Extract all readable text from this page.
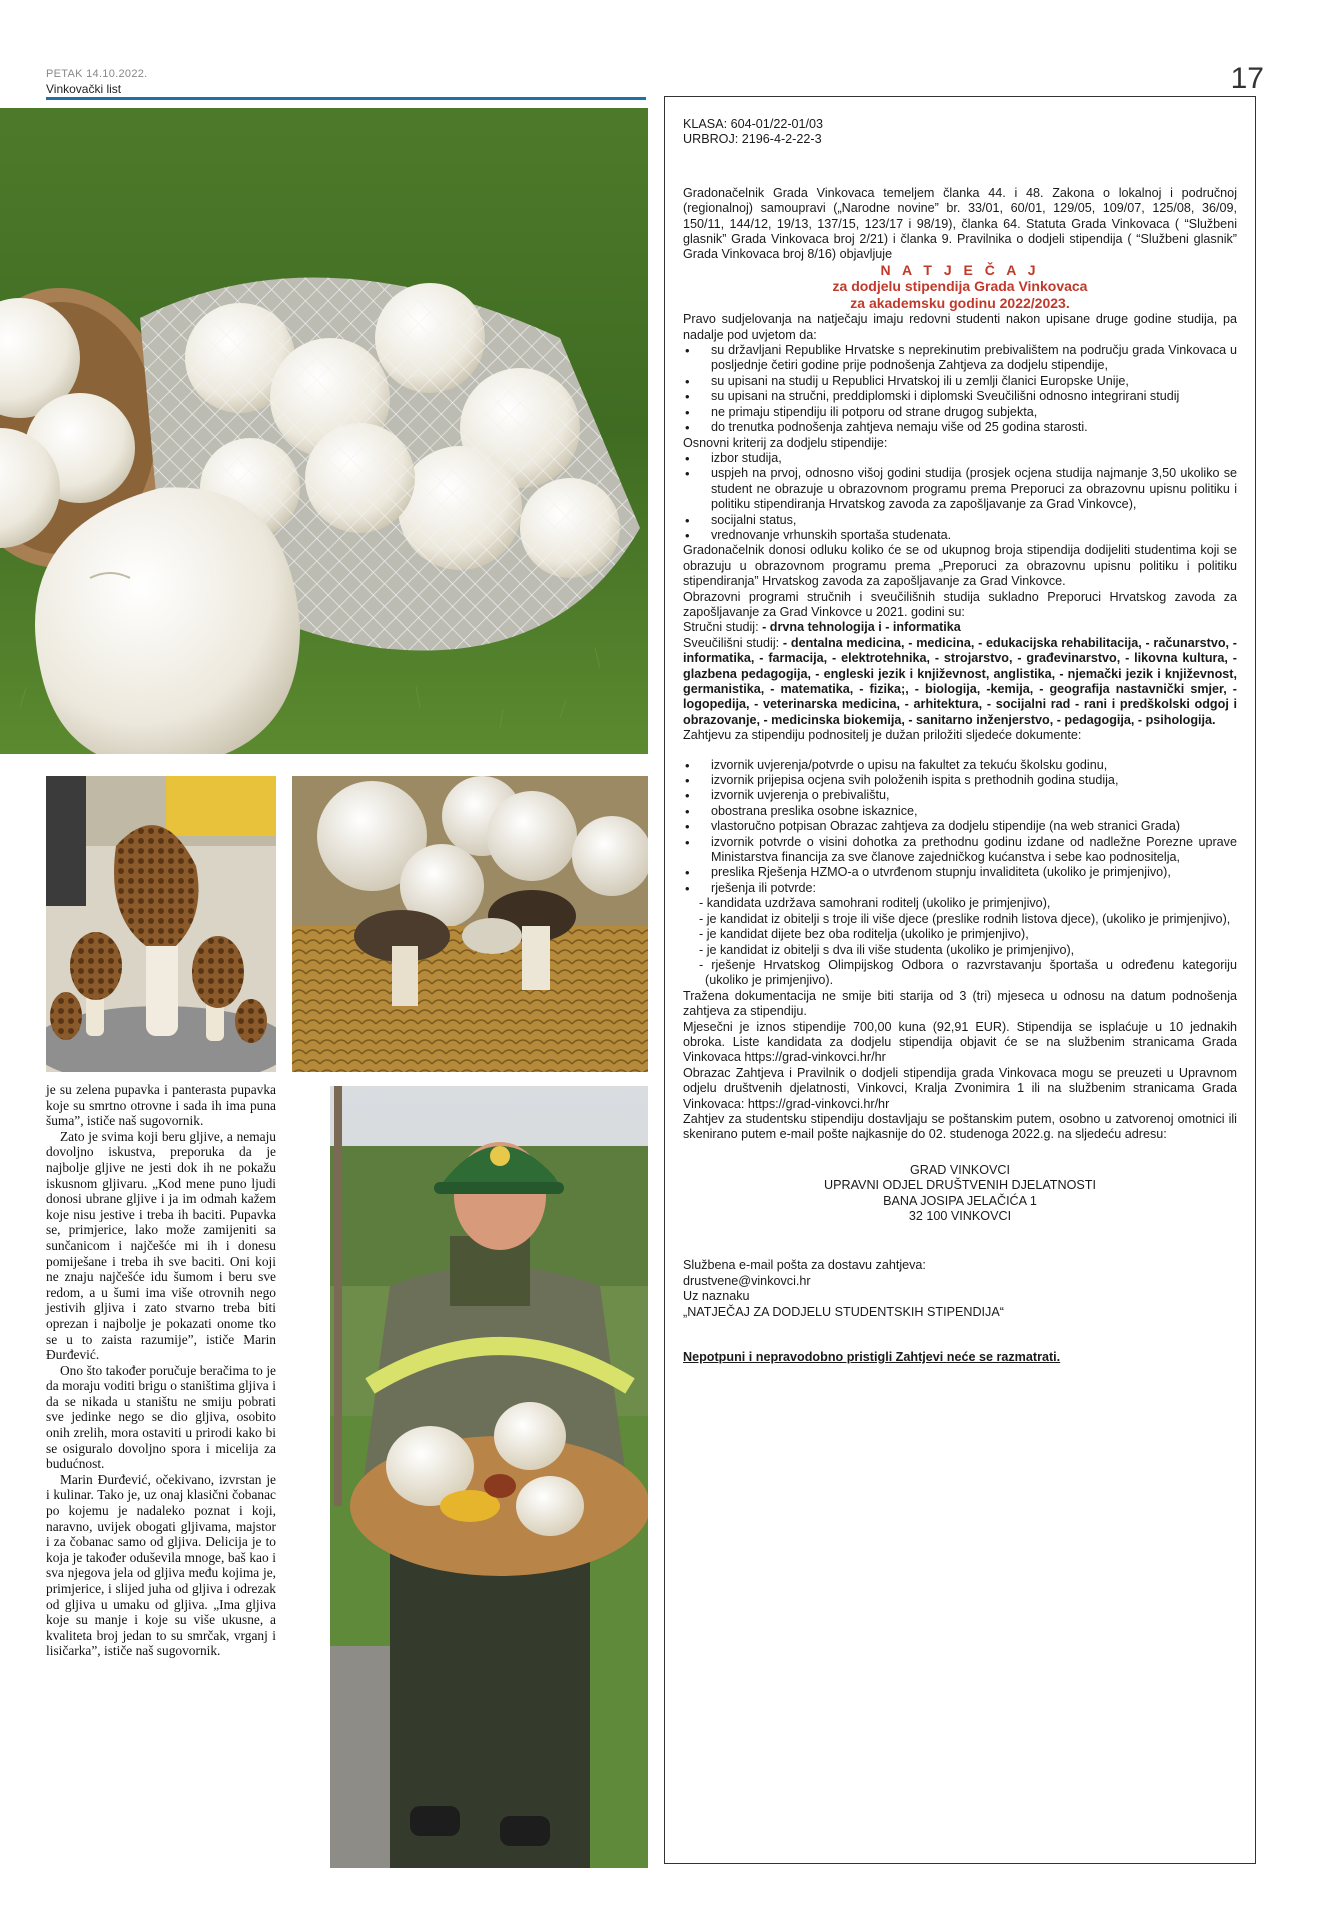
PETAK 14.10.2022.
Vinkovački list	17

je su zelena pupavka i panterasta pupavka koje su smrtno otrovne i sada ih ima puna šuma”, ističe naš sugovornik.

Zato je svima koji beru gljive, a nemaju dovoljno iskustva, preporuka da je najbolje gljive ne jesti dok ih ne pokažu iskusnom gljivaru. „Kod mene puno ljudi donosi ubrane gljive i ja im odmah kažem koje nisu jestive i treba ih baciti. Pupavka se, primjerice, lako može zamijeniti sa sunčanicom i najčešće mi ih i donesu pomiješane i treba ih sve baciti. Oni koji ne znaju najčešće idu šumom i beru sve redom, a u šumi ima više otrovnih nego jestivih gljiva i zato stvarno treba biti oprezan i najbolje je pokazati onome tko se u to zaista razumije”, ističe Marin Đurđević.

Ono što također poručuje beračima to je da moraju voditi brigu o staništima gljiva i da se nikada u staništu ne smiju pobrati sve jedinke nego se dio gljiva, osobito onih zrelih, mora ostaviti u prirodi kako bi se osiguralo dovoljno spora i micelija za budućnost.

Marin Đurđević, očekivano, izvrstan je i kulinar. Tako je, uz onaj klasični čobanac po kojemu je nadaleko poznat i koji, naravno, uvijek obogati gljivama, majstor i za čobanac samo od gljiva. Delicija je to koja je također oduševila mnoge, baš kao i sva njegova jela od gljiva među kojima je, primjerice, i slijed juha od gljiva i odrezak od gljiva u umaku od gljiva. „Ima gljiva koje su manje i koje su više ukusne, a kvaliteta broj jedan to su smrčak, vrganj i lisičarka”, ističe naš sugovornik.

KLASA: 604-01/22-01/03

URBROJ: 2196-4-2-22-3

Gradonačelnik Grada Vinkovaca temeljem članka 44. i 48. Zakona o lokalnoj i područnoj (regionalnoj) samoupravi („Narodne novine” br. 33/01, 60/01, 129/05, 109/07, 125/08, 36/09, 150/11, 144/12, 19/13, 137/15, 123/17 i 98/19), članka 64. Statuta Grada Vinkovaca ( “Službeni glasnik” Grada Vinkovaca broj 2/21) i članka 9. Pravilnika o dodjeli stipendija ( “Službeni glasnik” Grada Vinkovaca broj 8/16) objavljuje

N A T J E Č A J

za dodjelu stipendija Grada Vinkovaca

za akademsku godinu 2022/2023.

Pravo sudjelovanja na natječaju imaju redovni studenti nakon upisane druge godine studija, pa nadalje pod uvjetom da:

• su državljani Republike Hrvatske s neprekinutim prebivalištem na području grada Vinkovaca u posljednje četiri godine prije podnošenja Zahtjeva za dodjelu stipendije,
• su upisani na studij u Republici Hrvatskoj ili u zemlji članici Europske Unije,
• su upisani na stručni, preddiplomski i diplomski Sveučilišni odnosno integrirani studij
• ne primaju stipendiju ili potporu od strane drugog subjekta,
• do trenutka podnošenja zahtjeva nemaju više od 25 godina starosti.

Osnovni kriterij za dodjelu stipendije:

• izbor studija,
• uspjeh na prvoj, odnosno višoj godini studija (prosjek ocjena studija najmanje 3,50 ukoliko se student ne obrazuje u obrazovnom programu prema Preporuci za obrazovnu upisnu politiku i politiku stipendiranja Hrvatskog zavoda za zapošljavanje za Grad Vinkovce),
• socijalni status,
• vrednovanje vrhunskih sportaša studenata.

Gradonačelnik donosi odluku koliko će se od ukupnog broja stipendija dodijeliti studentima koji se obrazuju u obrazovnom programu prema „Preporuci za obrazovnu upisnu politiku i politiku stipendiranja” Hrvatskog zavoda za zapošljavanje za Grad Vinkovce.

Obrazovni programi stručnih i sveučilišnih studija sukladno Preporuci Hrvatskog zavoda za zapošljavanje za Grad Vinkovce u 2021. godini su:

Stručni studij: - drvna tehnologija i - informatika

Sveučilišni studij: - dentalna medicina, - medicina, - edukacijska rehabilitacija, - računarstvo, - informatika, - farmacija, - elektrotehnika, - strojarstvo, - građevinarstvo, - likovna kultura, - glazbena pedagogija, - engleski jezik i književnost, anglistika, - njemački jezik i književnost, germanistika, - matematika, - fizika;, - biologija, -kemija, - geografija nastavnički smjer, - logopedija, - veterinarska medicina, - arhitektura, - socijalni rad - rani i predškolski odgoj i obrazovanje, - medicinska biokemija, - sanitarno inženjerstvo, - pedagogija, - psihologija.

Zahtjevu za stipendiju podnositelj je dužan priložiti sljedeće dokumente:

• izvornik uvjerenja/potvrde o upisu na fakultet za tekuću školsku godinu,
• izvornik prijepisa ocjena svih položenih ispita s prethodnih godina studija,
• izvornik uvjerenja o prebivalištu,
• obostrana preslika osobne iskaznice,
• vlastoručno potpisan Obrazac zahtjeva za dodjelu stipendije (na web stranici Grada)
• izvornik potvrde o visini dohotka za prethodnu godinu izdane od nadležne Porezne uprave Ministarstva financija za sve članove zajedničkog kućanstva i sebe kao podnositelja,
• preslika Rješenja HZMO-a o utvrđenom stupnju invaliditeta (ukoliko je primjenjivo),
• rješenja ili potvrde:

- kandidata uzdržava samohrani roditelj (ukoliko je primjenjivo),

- je kandidat iz obitelji s troje ili više djece (preslike rodnih listova djece), (ukoliko je primjenjivo),

- je kandidat dijete bez oba roditelja (ukoliko je primjenjivo),

- je kandidat iz obitelji s dva ili više studenta (ukoliko je primjenjivo),

- rješenje Hrvatskog Olimpijskog Odbora o razvrstavanju športaša u određenu kategoriju (ukoliko je primjenjivo).

Tražena dokumentacija ne smije biti starija od 3 (tri) mjeseca u odnosu na datum podnošenja zahtjeva za stipendiju.

Mjesečni je iznos stipendije 700,00 kuna (92,91 EUR). Stipendija se isplaćuje u 10 jednakih obroka. Liste kandidata za dodjelu stipendija objavit će se na službenim stranicama Grada Vinkovaca https://grad-vinkovci.hr/hr

Obrazac Zahtjeva i Pravilnik o dodjeli stipendija grada Vinkovaca mogu se preuzeti u Upravnom odjelu društvenih djelatnosti, Vinkovci, Kralja Zvonimira 1 ili na službenim stranicama Grada Vinkovaca: https://grad-vinkovci.hr/hr

Zahtjev za studentsku stipendiju dostavljaju se poštanskim putem, osobno u zatvorenoj omotnici ili skenirano putem e-mail pošte najkasnije do 02. studenoga 2022.g. na sljedeću adresu:

GRAD VINKOVCI

UPRAVNI ODJEL DRUŠTVENIH DJELATNOSTI

BANA JOSIPA JELAČIĆA 1

32 100 VINKOVCI

Službena e-mail pošta za dostavu zahtjeva:

drustvene@vinkovci.hr

Uz naznaku

„NATJEČAJ ZA DODJELU STUDENTSKIH STIPENDIJA“

Nepotpuni i nepravodobno pristigli Zahtjevi neće se razmatrati.
